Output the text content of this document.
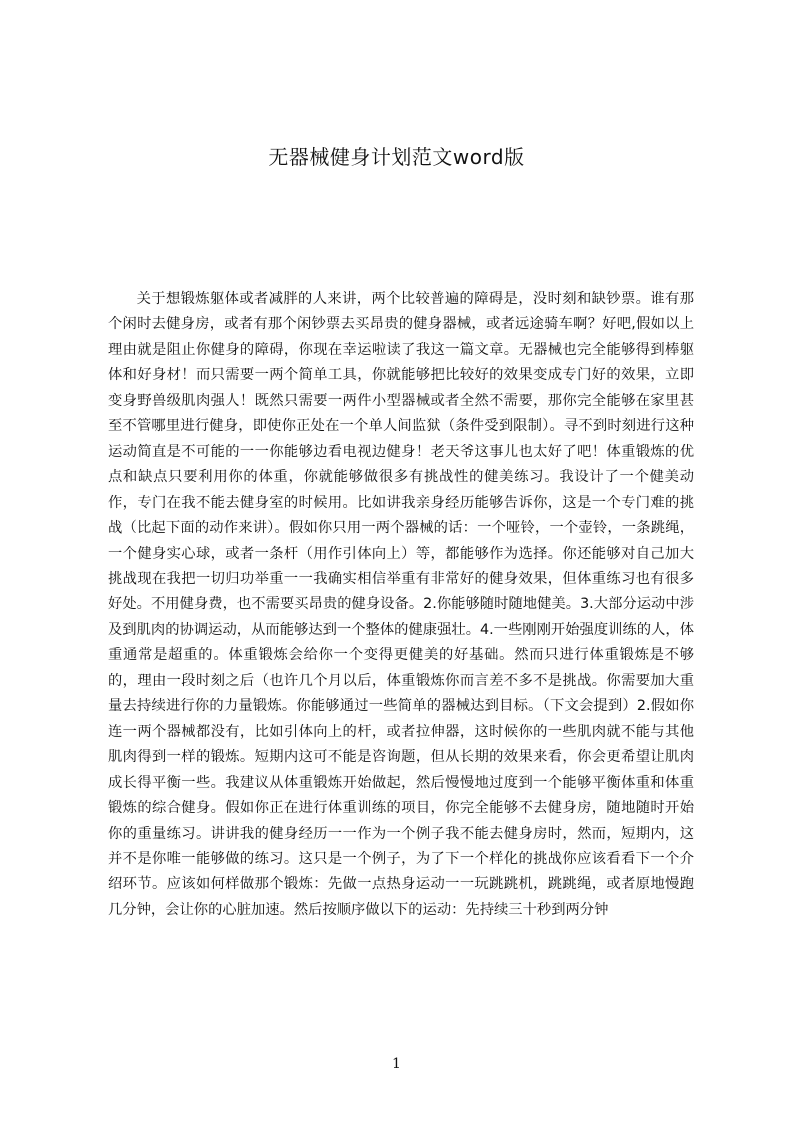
无器械健身计划范文word版

关于想锻炼躯体或者减胖的人来讲，两个比较普遍的障碍是，没时刻和缺钞票。谁有那个闲时去健身房，或者有那个闲钞票去买昂贵的健身器械，或者远途骑车啊？好吧,假如以上理由就是阻止你健身的障碍，你现在幸运啦读了我这一篇文章。无器械也完全能够得到棒躯体和好身材！而只需要一两个简单工具，你就能够把比较好的效果变成专门好的效果，立即变身野兽级肌肉强人！既然只需要一两件小型器械或者全然不需要，那你完全能够在家里甚至不管哪里进行健身，即使你正处在一个单人间监狱（条件受到限制）。寻不到时刻进行这种运动简直是不可能的一一你能够边看电视边健身！老天爷这事儿也太好了吧！体重锻炼的优点和缺点只要利用你的体重，你就能够做很多有挑战性的健美练习。我设计了一个健美动作，专门在我不能去健身室的时候用。比如讲我亲身经历能够告诉你，这是一个专门难的挑战（比起下面的动作来讲）。假如你只用一两个器械的话：一个哑铃，一个壶铃，一条跳绳，一个健身实心球，或者一条杆（用作引体向上）等，都能够作为选择。你还能够对自己加大挑战现在我把一切归功举重一一我确实相信举重有非常好的健身效果，但体重练习也有很多好处。不用健身费，也不需要买昂贵的健身设备。2.你能够随时随地健美。3.大部分运动中涉及到肌肉的协调运动，从而能够达到一个整体的健康强壮。4.一些刚刚开始强度训练的人，体重通常是超重的。体重锻炼会给你一个变得更健美的好基础。然而只进行体重锻炼是不够的，理由一段时刻之后（也许几个月以后，体重锻炼你而言差不多不是挑战。你需要加大重量去持续进行你的力量锻炼。你能够通过一些简单的器械达到目标。（下文会提到）2.假如你连一两个器械都没有，比如引体向上的杆，或者拉伸器，这时候你的一些肌肉就不能与其他肌肉得到一样的锻炼。短期内这可不能是咨询题，但从长期的效果来看，你会更希望让肌肉成长得平衡一些。我建议从体重锻炼开始做起，然后慢慢地过度到一个能够平衡体重和体重锻炼的综合健身。假如你正在进行体重训练的项目，你完全能够不去健身房，随地随时开始你的重量练习。讲讲我的健身经历一一作为一个例子我不能去健身房时，然而，短期内，这并不是你唯一能够做的练习。这只是一个例子，为了下一个样化的挑战你应该看看下一个介绍环节。应该如何样做那个锻炼：先做一点热身运动一一玩跳跳机，跳跳绳，或者原地慢跑几分钟，会让你的心脏加速。然后按顺序做以下的运动：先持续三十秒到两分钟

1
